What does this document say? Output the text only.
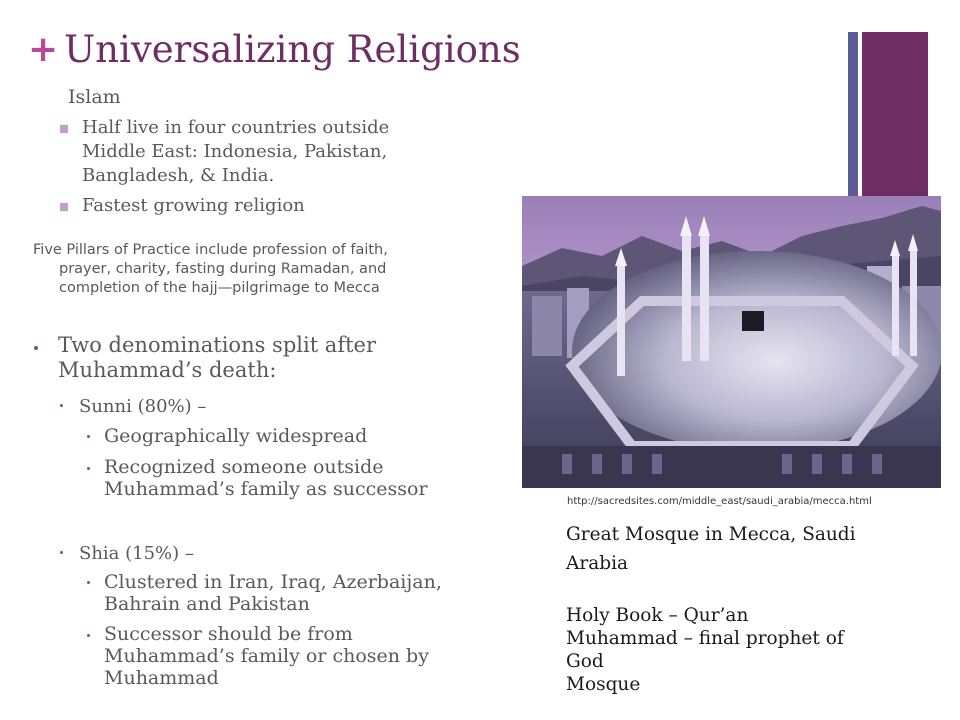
+ Universalizing Religions
Islam
Half live in four countries outside
Middle East: Indonesia, Pakistan,
Bangladesh, & India.
Fastest growing religion
Five Pillars of Practice include profession of faith,
prayer, charity, fasting during Ramadan, and
completion of the hajj—pilgrimage to Mecca
Two denominations split after
Muhammad’s death:
Sunni (80%) –
Geographically widespread
Recognized someone outside
Muhammad’s family as successor
Shia (15%) –
Clustered in Iran, Iraq, Azerbaijan,
Bahrain and Pakistan
Successor should be from
Muhammad’s family or chosen by
Muhammad
http://sacredsites.com/middle_east/saudi_arabia/mecca.html
Great Mosque in Mecca, Saudi
Arabia
Holy Book – Qur’an
Muhammad – final prophet of
God
Mosque
